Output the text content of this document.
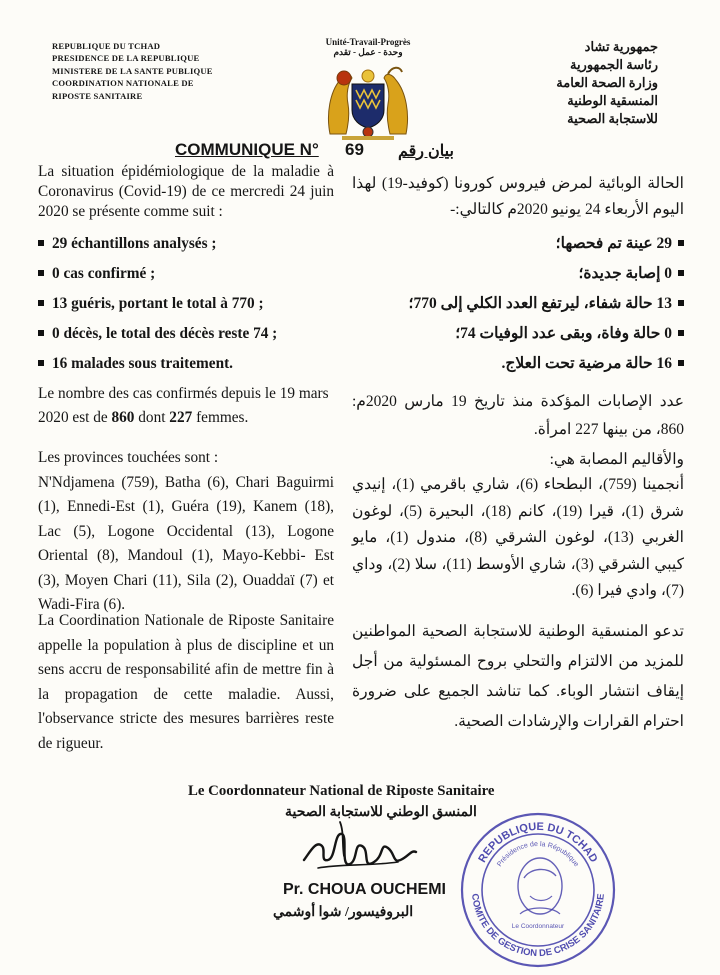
REPUBLIQUE DU TCHAD
PRESIDENCE DE LA REPUBLIQUE
MINISTERE DE LA SANTE PUBLIQUE
COORDINATION NATIONALE DE
RIPOSTE SANITAIRE
Unité-Travail-Progrès
وحدة - عمل - تقدم	جمهورية تشاد
رئاسة الجمهورية
وزارة الصحة العامة
المنسقية الوطنية
للاستجابة الصحية
COMMUNIQUE N° 69 بيان رقم

La situation épidémiologique de la maladie à Coronavirus (Covid-19) de ce mercredi 24 juin 2020 se présente comme suit :

29 échantillons analysés ;
0 cas confirmé ;
13 guéris, portant le total à 770 ;
0 décès, le total des décès reste 74 ;
16 malades sous traitement.

Le nombre des cas confirmés depuis le 19 mars 2020 est de 860 dont 227 femmes.

Les provinces touchées sont :

N'Ndjamena (759), Batha (6), Chari Baguirmi (1), Ennedi-Est (1), Guéra (19), Kanem (18), Lac (5), Logone Occidental (13), Logone Oriental (8), Mandoul (1), Mayo-Kebbi- Est (3), Moyen Chari (11), Sila (2), Ouaddaï (7) et Wadi-Fira (6).

La Coordination Nationale de Riposte Sanitaire appelle la population à plus de discipline et un sens accru de responsabilité afin de mettre fin à la propagation de cette maladie. Aussi, l'observance stricte des mesures barrières reste de rigueur.

الحالة الوبائية لمرض فيروس كورونا (كوفيد-19) لهذا اليوم الأربعاء 24 يونيو 2020م كالتالي:-

29 عينة تم فحصها؛
0 إصابة جديدة؛
13 حالة شفاء، ليرتفع العدد الكلي إلى 770؛
0 حالة وفاة، وبقى عدد الوفيات 74؛
16 حالة مرضية تحت العلاج.

عدد الإصابات المؤكدة منذ تاريخ 19 مارس 2020م: 860، من بينها 227 امرأة.

والأقاليم المصابة هي:

أنجمينا (759)، البطحاء (6)، شاري باقرمي (1)، إنيدي شرق (1)، قيرا (19)، كانم (18)، البحيرة (5)، لوغون الغربي (13)، لوغون الشرقي (8)، مندول (1)، مايو كيبي الشرقي (3)، شاري الأوسط (11)، سلا (2)، وداي (7)، وادي فيرا (6).

تدعو المنسقية الوطنية للاستجابة الصحية المواطنين للمزيد من الالتزام والتحلي بروح المسئولية من أجل إيقاف انتشار الوباء. كما تناشد الجميع على ضرورة احترام القرارات والإرشادات الصحية.

Le Coordonnateur National de Riposte Sanitaire
المنسق الوطني للاستجابة الصحية
Pr. CHOUA OUCHEMI
البروفيسور/ شوا أوشمي
REPUBLIQUE DU TCHAD
COMITE DE GESTION DE CRISE SANITAIRE
Présidence de la République
Le Coordonnateur
